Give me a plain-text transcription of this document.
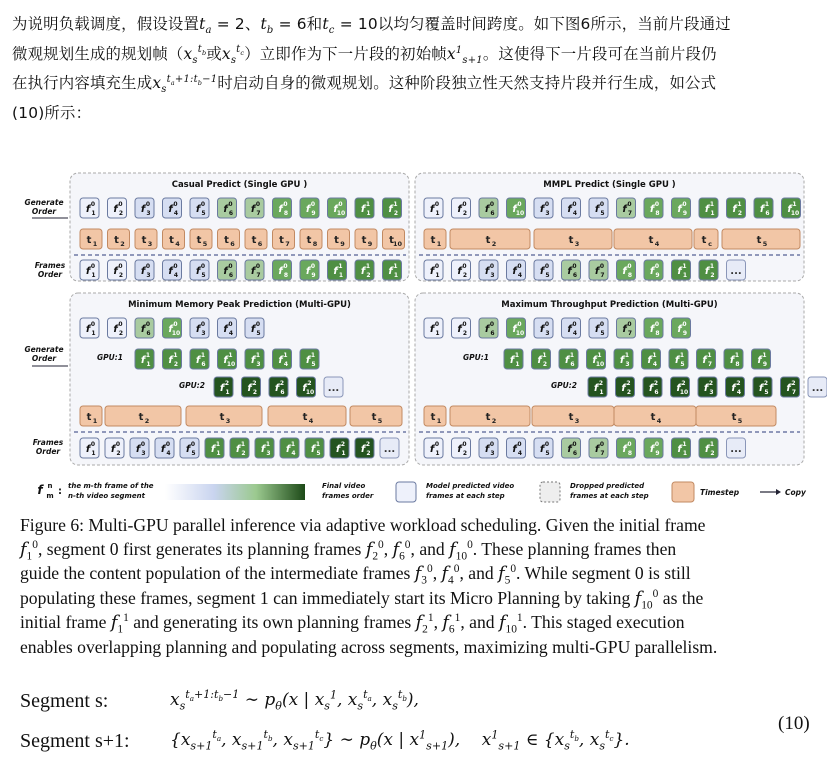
为说明负载调度，假设设置$t_a = 2$、$t_b = 6$和$t_c = 10$以均匀覆盖时间跨度。如下图6所示，当前片段通过

微观规划生成的规划帧（$x_s^{t_b}$或$x_s^{t_c}$）立即作为下一片段的初始帧$x^1_{s+1}$。这使得下一片段可在当前片段仍

在执行内容填充生成$x_s^{t_a+1:t_b-1}$时启动自身的微观规划。这种阶段独立性天然支持片段并行生成，如公式

(10)所示：

Generate
Order
Frames
Order
Generate
Order
Frames
Order
Casual Predict (Single GPU )
f 0
1 f 0
2 f 0
3 f 0
4 f 0
5 f 0
6 f 0
7 f 0
8 f 0
9 f 0
10 f 1
1 f 1
2
t 1 t 2 t 3 t 4 t 5 t 6 t 6 t 7 t 8 t 9 t 9 t 10
f 0
1 f 0
2 f 0
3 f 0
4 f 0
5 f 0
6 f 0
7 f 0
8 f 0
9 f 1
1 f 1
2 f 1
1
MMPL Predict (Single GPU )
f 0
1 f 0
2 f 0
6 f 0
10 f 0
3 f 0
4 f 0
5 f 0
7 f 0
8 f 0
9 f 1
1 f 1
2 f 1
6 f 1
10
t 1	t 2	t 3	t 4	t c	t 5
f 0
1 f 0
2 f 0
3 f 0
4 f 0
5 f 0
6 f 0
7 f 0
8 f 0
9 f 1
1 f 1
2 ...
Minimum Memory Peak Prediction (Multi-GPU)
f 0
1 f 0
2 f 0
6 f 0
10 f 0
3 f 0
4 f 0
5
GPU:1 f 1
1 f 1
2 f 1
6 f 1
10 f 1
3 f 1
4 f 1
5
GPU:2 f 2
1 f 2
2 f 2
6 f 2
10 ...
t 1	t 2	t 3	t 4	t 5
f 0
1 f 0
2 f 0
3 f 0
4 f 0
5 f 1
1 f 1
2 f 1
3 f 1
4 f 1
5 f 2
1 f 2
2 ...
Maximum Throughput Prediction (Multi-GPU)
f 0
1 f 0
2 f 0
6 f 0
10 f 0
3 f 0
4 f 0
5 f 0
7 f 0
8 f 0
9
GPU:1 f 1
1 f 1
2 f 1
6 f 1
10 f 1
3 f 1
4 f 1
5 f 1
7 f 1
8 f 1
9
GPU:2 f 2
1 f 2
2 f 2
6 f 2
10 f 2
3 f 2
4 f 2
5 f 2
7 ...
t 1	t 2	t 3	t 4	t 5
f 0
1 f 0
2 f 0
3 f 0
4 f 0
5 f 0
6 f 0
7 f 0
8 f 0
9 f 1
1 f 1
2 ...
f n
m : the m-th frame of the
n-th video segment
Final video
frames order
Model predicted video
frames at each step
Dropped predicted
frames at each step	Timestep	Copy

Figure 6: Multi-GPU parallel inference via adaptive workload scheduling. Given the initial frame

$f_1^0$, segment 0 first generates its planning frames $f_2^0$, $f_6^0$, and $f_{10}^0$. These planning frames then

guide the content population of the intermediate frames $f_3^0$, $f_4^0$, and $f_5^0$. While segment 0 is still

populating these frames, segment 1 can immediately start its Micro Planning by taking $f_{10}^0$ as the

initial frame $f_1^1$ and generating its own planning frames $f_2^1$, $f_6^1$, and $f_{10}^1$. This staged execution

enables overlapping planning and populating across segments, maximizing multi-GPU parallelism.

Segment s:	$x_s^{t_a+1:t_b-1}$ ∼ $p_\theta(x$ | $x_s^1$, $x_s^{t_a}$, $x_s^{t_b}$),
Segment s+1: {$x_{s+1}^{t_a}$, $x_{s+1}^{t_b}$, $x_{s+1}^{t_c}$} ∼ $p_\theta(x$ | $x^1_{s+1}$),    $x^1_{s+1}$ ∈ {$x_s^{t_b}$, $x_s^{t_c}$}.
(10)
